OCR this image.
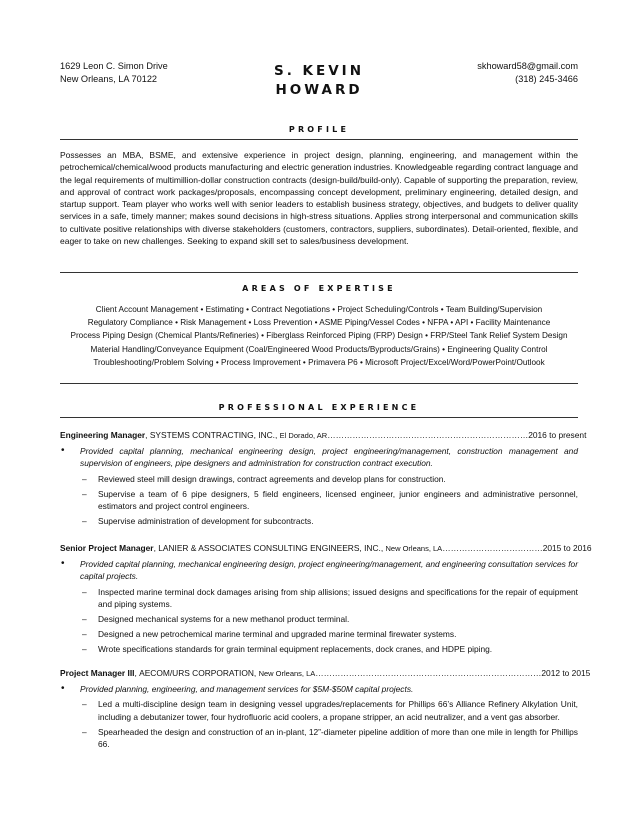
1629 Leon C. Simon Drive
New Orleans, LA 70122	S. KEVIN
HOWARD
skhoward58@gmail.com
(318) 245-3466
PROFILE
Possesses an MBA, BSME, and extensive experience in project design, planning, engineering, and management within the petrochemical/chemical/wood products manufacturing and electric generation industries. Knowledgeable regarding contract language and the legal requirements of multimillion-dollar construction contracts (design-build/build-only). Capable of supporting the preparation, review, and approval of contract work packages/proposals, encompassing concept development, preliminary engineering, detailed design, and startup support. Team player who works well with senior leaders to establish business strategy, objectives, and budgets to deliver quality services in a safe, timely manner; makes sound decisions in high-stress situations. Applies strong interpersonal and communication skills to cultivate positive relationships with diverse stakeholders (customers, contractors, suppliers, subordinates). Detail-oriented, flexible, and eager to take on new challenges. Seeking to expand skill set to sales/business development.
AREAS OF EXPERTISE
Client Account Management • Estimating • Contract Negotiations • Project Scheduling/Controls • Team Building/Supervision
Regulatory Compliance • Risk Management • Loss Prevention • ASME Piping/Vessel Codes • NFPA • API • Facility Maintenance
Process Piping Design (Chemical Plants/Refineries) • Fiberglass Reinforced Piping (FRP) Design • FRP/Steel Tank Relief System Design
Material Handling/Conveyance Equipment (Coal/Engineered Wood Products/Byproducts/Grains) • Engineering Quality Control
Troubleshooting/Problem Solving • Process Improvement • Primavera P6 • Microsoft Project/Excel/Word/PowerPoint/Outlook
PROFESSIONAL EXPERIENCE
Engineering Manager, SYSTEMS CONTRACTING, INC., El Dorado, AR………………………………………………………………2016 to present
• Provided capital planning, mechanical engineering design, project engineering/management, construction management and supervision of engineers, pipe designers and administration for construction contract execution.
– Reviewed steel mill design drawings, contract agreements and develop plans for construction.
– Supervise a team of 6 pipe designers, 5 field engineers, licensed engineer, junior engineers and administrative personnel, estimators and project control engineers.
– Supervise administration of development for subcontracts.
Senior Project Manager, LANIER & ASSOCIATES CONSULTING ENGINEERS, INC., New Orleans, LA………………………………2015 to 2016
• Provided capital planning, mechanical engineering design, project engineering/management, and engineering consultation services for capital projects.
– Inspected marine terminal dock damages arising from ship allisions; issued designs and specifications for the repair of equipment and piping systems.
– Designed mechanical systems for a new methanol product terminal.
– Designed a new petrochemical marine terminal and upgraded marine terminal firewater systems.
– Wrote specifications standards for grain terminal equipment replacements, dock cranes, and HDPE piping.
Project Manager III, AECOM/URS CORPORATION, New Orleans, LA………………………………………………………………………2012 to 2015
• Provided planning, engineering, and management services for $5M-$50M capital projects.
– Led a multi-discipline design team in designing vessel upgrades/replacements for Phillips 66’s Alliance Refinery Alkylation Unit, including a debutanizer tower, four hydrofluoric acid coolers, a propane stripper, an acid neutralizer, and a vent gas absorber.
– Spearheaded the design and construction of an in-plant, 12”-diameter pipeline addition of more than one mile in length for Phillips 66.
